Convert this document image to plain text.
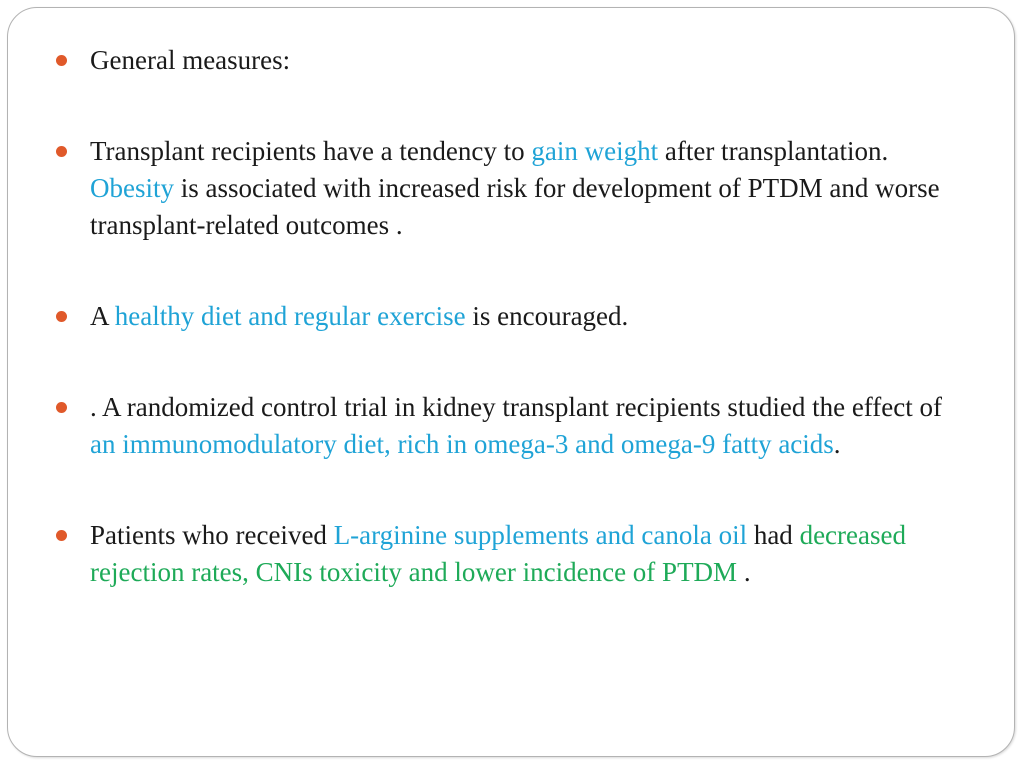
General measures:
Transplant recipients have a tendency to gain weight after transplantation. Obesity is associated with increased risk for development of PTDM and worse transplant-related outcomes .
A healthy diet and regular exercise is encouraged.
. A randomized control trial in kidney transplant recipients studied the effect of an immunomodulatory diet, rich in omega-3 and omega-9 fatty acids.
Patients who received L-arginine supplements and canola oil had decreased rejection rates, CNIs toxicity and lower incidence of PTDM .
